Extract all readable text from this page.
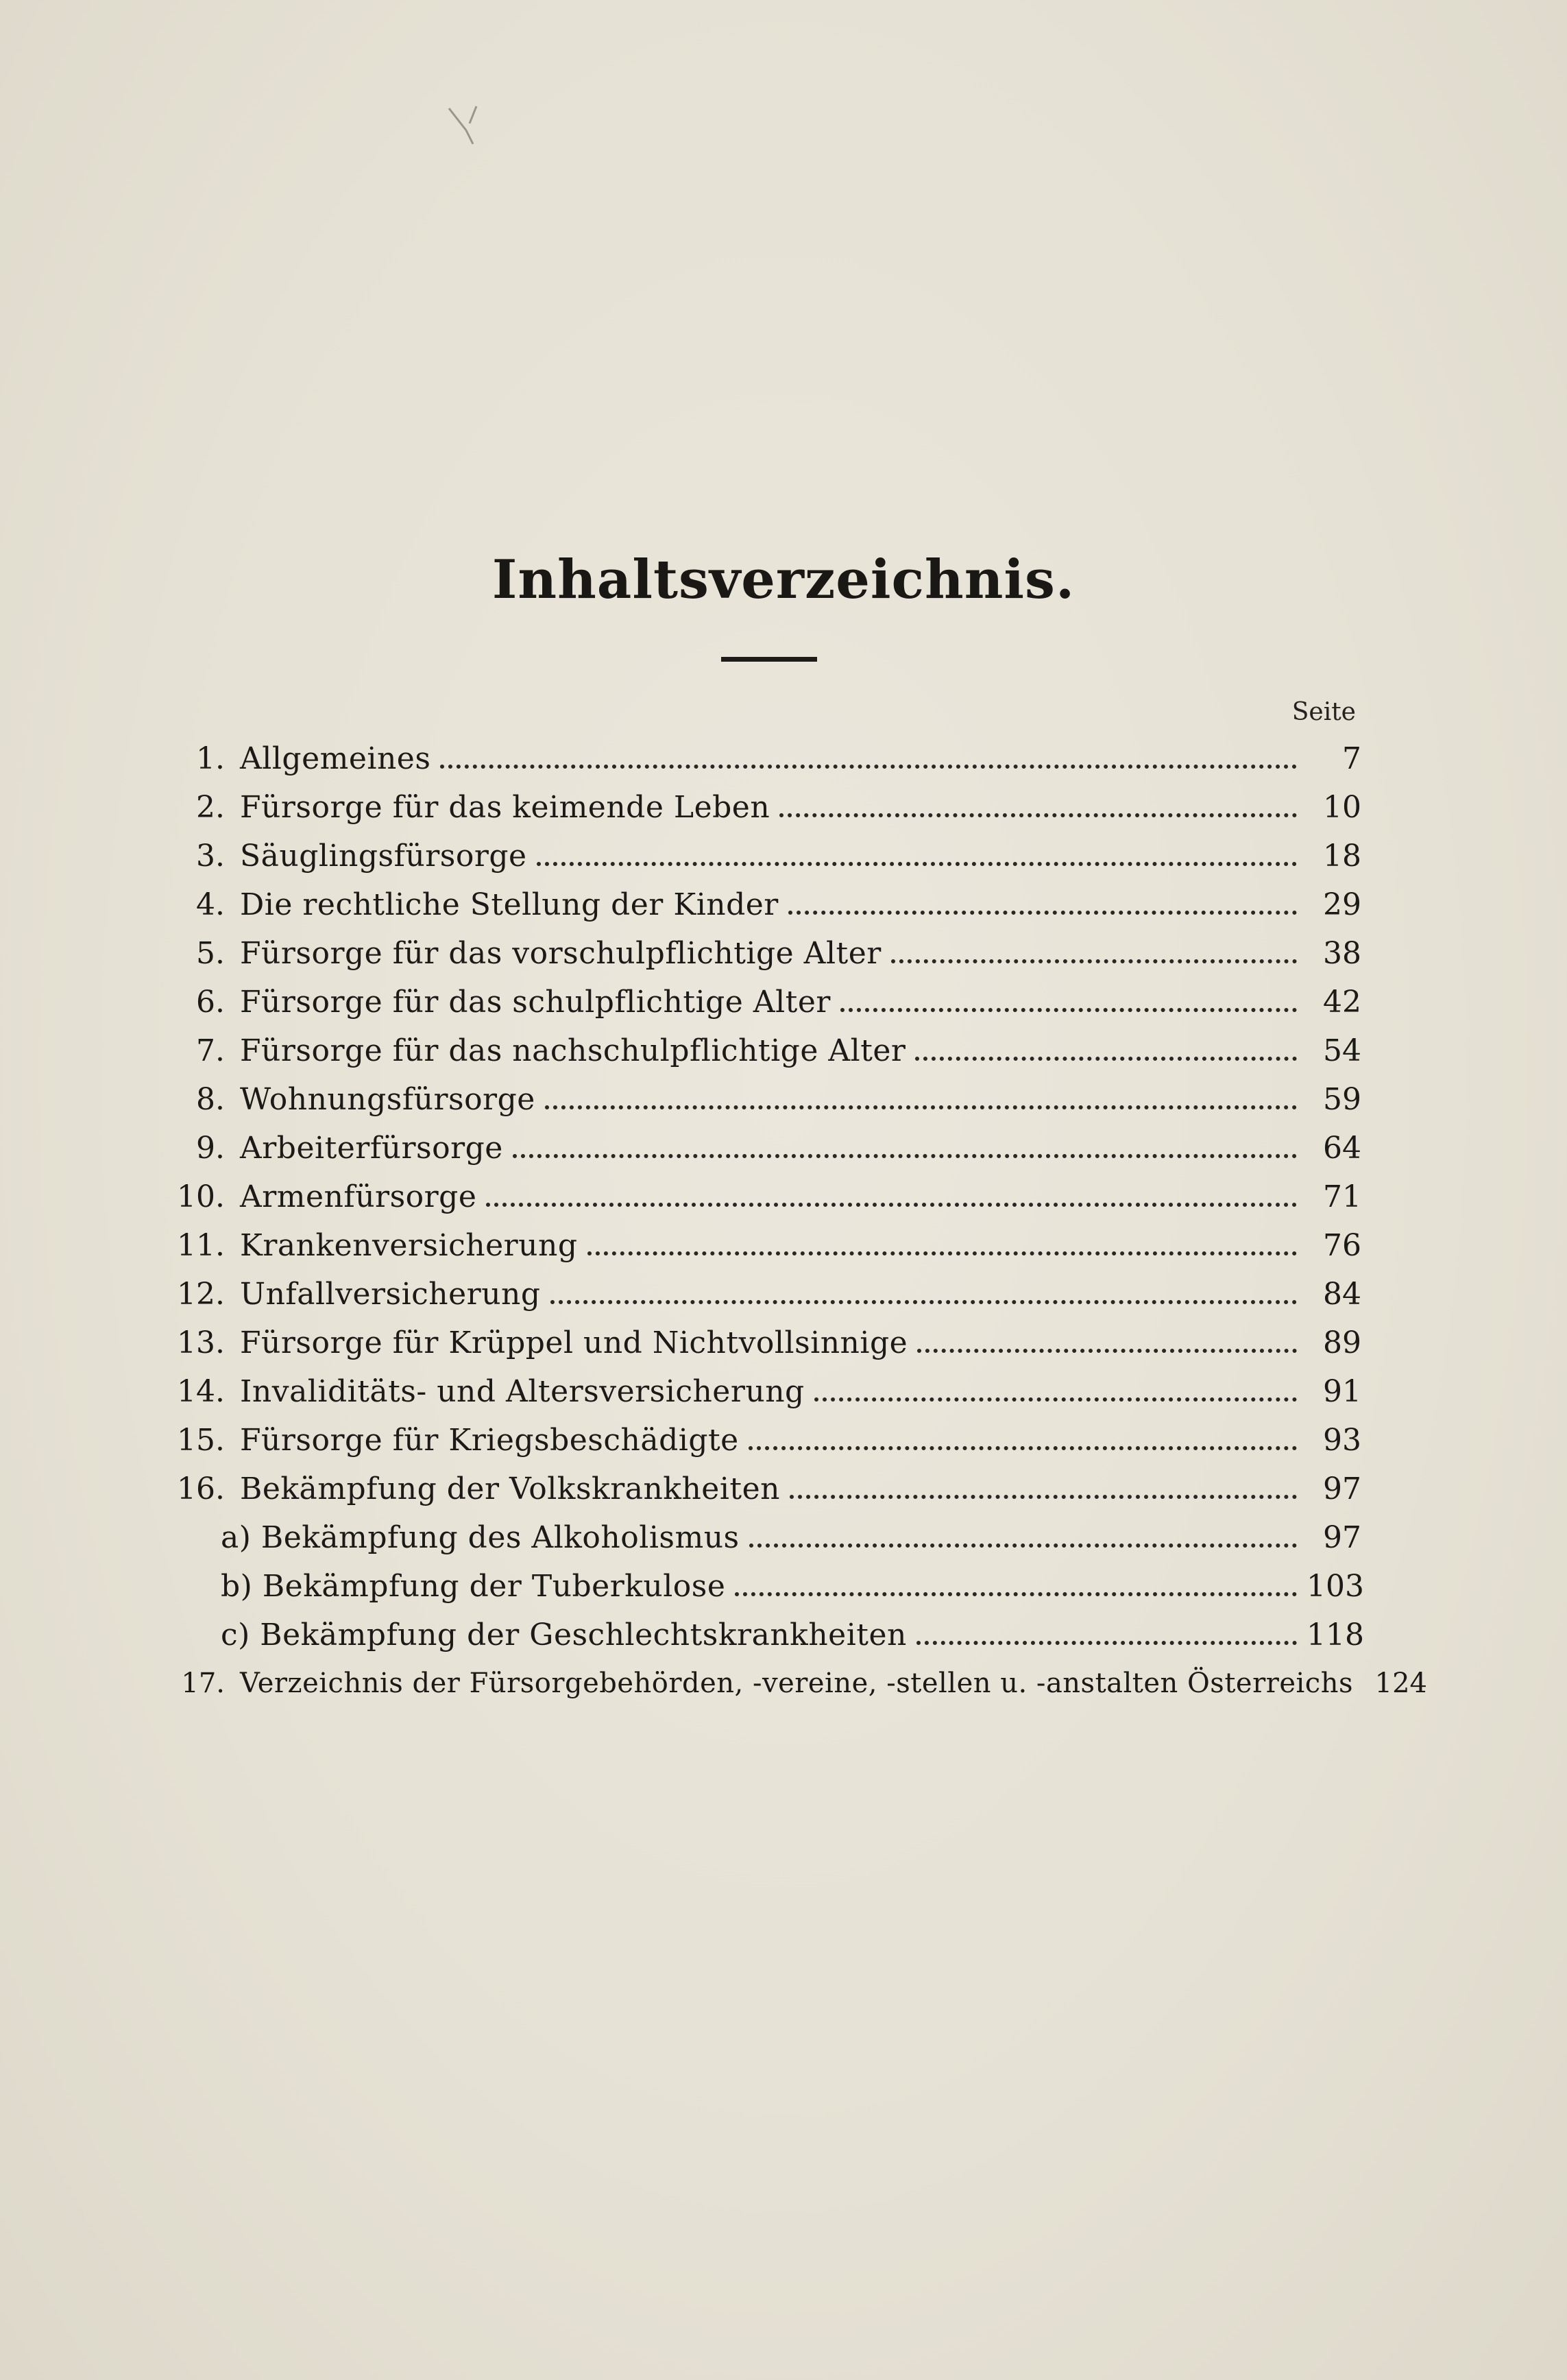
Inhaltsverzeichnis.
Seite
1. Allgemeines	7
2. Fürsorge für das keimende Leben	10
3. Säuglingsfürsorge	18
4. Die rechtliche Stellung der Kinder	29
5. Fürsorge für das vorschulpflichtige Alter	38
6. Fürsorge für das schulpflichtige Alter	42
7. Fürsorge für das nachschulpflichtige Alter	54
8. Wohnungsfürsorge	59
9. Arbeiterfürsorge	64
10. Armenfürsorge	71
11. Krankenversicherung	76
12. Unfallversicherung	84
13. Fürsorge für Krüppel und Nichtvollsinnige	89
14. Invaliditäts- und Altersversicherung	91
15. Fürsorge für Kriegsbeschädigte	93
16. Bekämpfung der Volkskrankheiten	97
a) Bekämpfung des Alkoholismus	97
b) Bekämpfung der Tuberkulose	103
c) Bekämpfung der Geschlechtskrankheiten	118
17. Verzeichnis der Fürsorgebehörden, -vereine, -stellen u. -anstalten Österreichs 124
